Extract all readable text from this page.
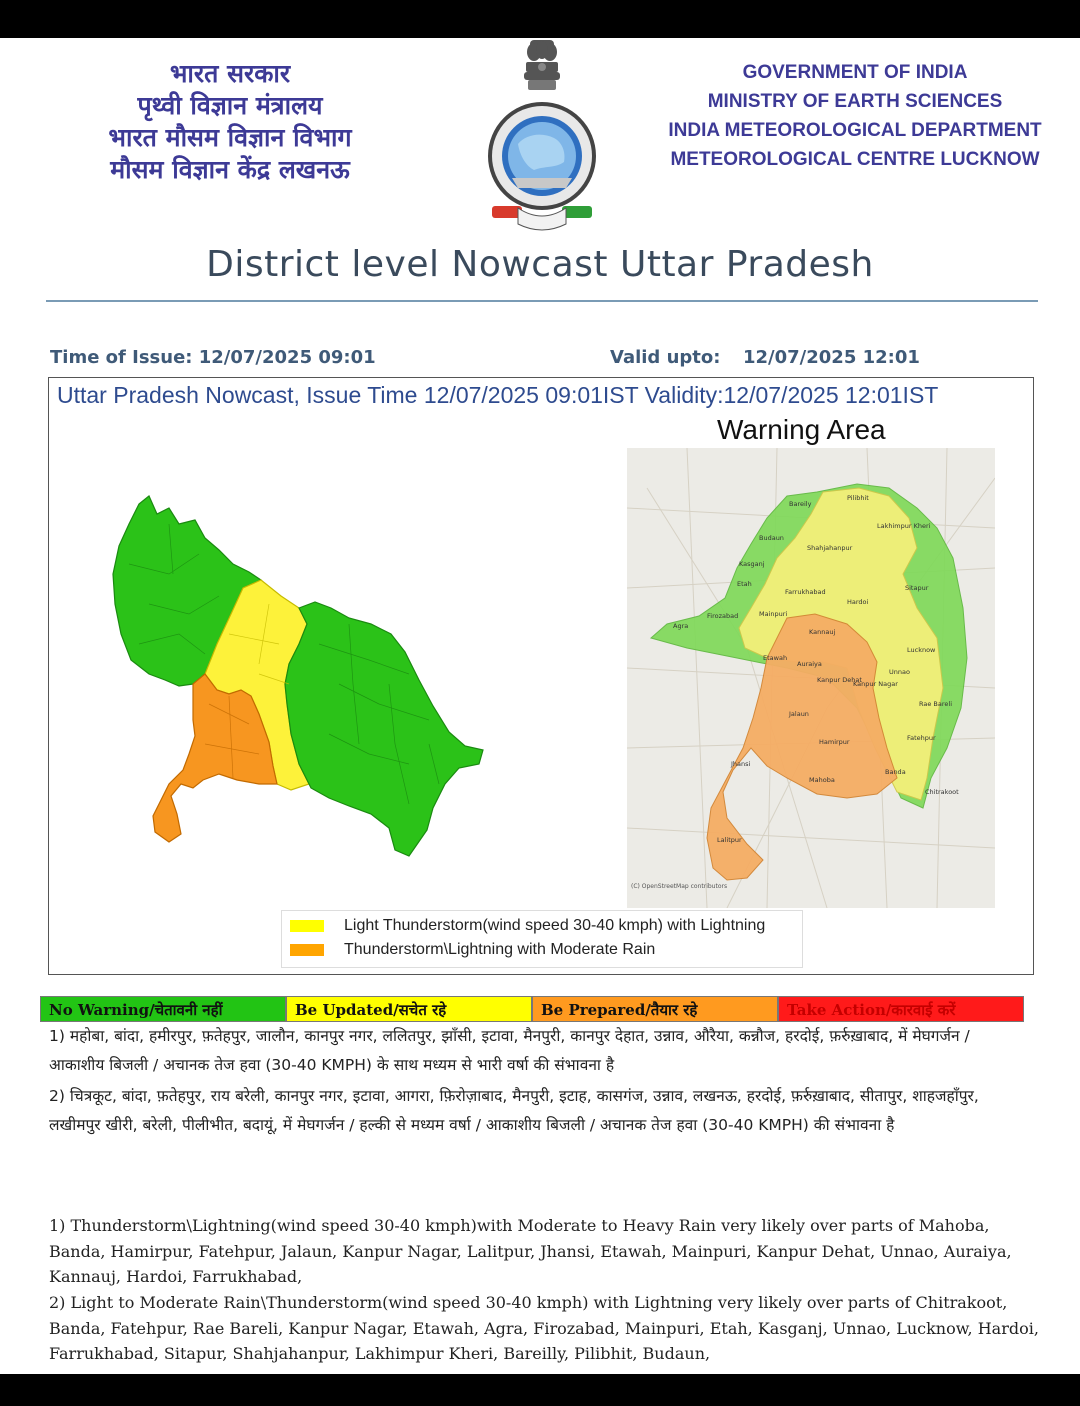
भारत सरकार
पृथ्वी विज्ञान मंत्रालय
भारत मौसम विज्ञान विभाग
मौसम विज्ञान केंद्र लखनऊ
GOVERNMENT OF INDIA
MINISTRY OF EARTH SCIENCES
INDIA METEOROLOGICAL DEPARTMENT
METEOROLOGICAL CENTRE LUCKNOW
District level Nowcast Uttar Pradesh
Time of Issue: 12/07/2025 09:01	Valid upto: 12/07/2025 12:01
Uttar Pradesh Nowcast, Issue Time 12/07/2025 09:01IST Validity:12/07/2025 12:01IST
Warning Area
Bareily
Pilibhit
Lakhimpur Kheri
Budaun
Shahjahanpur
Kasganj
Sitapur
Etah
Farrukhabad
Hardoi
Firozabad	Mainpuri
Agra
Kannauj
Lucknow
Etawah
Auraiya
Unnao
Kanpur Dehat
Kanpur Nagar
Rae Bareli
Jalaun
Fatehpur
Hamirpur
Jhansi
Mahoba
Banda
Chitrakoot
Lalitpur
(C) OpenStreetMap contributors
Light Thunderstorm(wind speed 30-40 kmph) with Lightning
Thunderstorm\Lightning with Moderate Rain
No Warning/चेतावनी नहीं	Be Updated/सचेत रहे	Be Prepared/तैयार रहे	Take Action/कारवाई करें
1) महोबा, बांदा, हमीरपुर, फ़तेहपुर, जालौन, कानपुर नगर, ललितपुर, झाँसी, इटावा, मैनपुरी, कानपुर देहात, उन्नाव, औरैया, कन्नौज, हरदोई, फ़र्रुख़ाबाद, में मेघगर्जन / आकाशीय बिजली / अचानक तेज हवा (30-40 KMPH) के साथ मध्यम से भारी वर्षा की संभावना है
2) चित्रकूट, बांदा, फ़तेहपुर, राय बरेली, कानपुर नगर, इटावा, आगरा, फ़िरोज़ाबाद, मैनपुरी, इटाह, कासगंज, उन्नाव, लखनऊ, हरदोई, फ़र्रुख़ाबाद, सीतापुर, शाहजहाँपुर, लखीमपुर खीरी, बरेली, पीलीभीत, बदायूं, में मेघगर्जन / हल्की से मध्यम वर्षा / आकाशीय बिजली / अचानक तेज हवा (30-40 KMPH) की संभावना है
1) Thunderstorm\Lightning(wind speed 30-40 kmph)with Moderate to Heavy Rain very likely over parts of Mahoba, Banda, Hamirpur, Fatehpur, Jalaun, Kanpur Nagar, Lalitpur, Jhansi, Etawah, Mainpuri, Kanpur Dehat, Unnao, Auraiya, Kannauj, Hardoi, Farrukhabad,
2) Light to Moderate Rain\Thunderstorm(wind speed 30-40 kmph) with Lightning very likely over parts of Chitrakoot, Banda, Fatehpur, Rae Bareli, Kanpur Nagar, Etawah, Agra, Firozabad, Mainpuri, Etah, Kasganj, Unnao, Lucknow, Hardoi, Farrukhabad, Sitapur, Shahjahanpur, Lakhimpur Kheri, Bareilly, Pilibhit, Budaun,
